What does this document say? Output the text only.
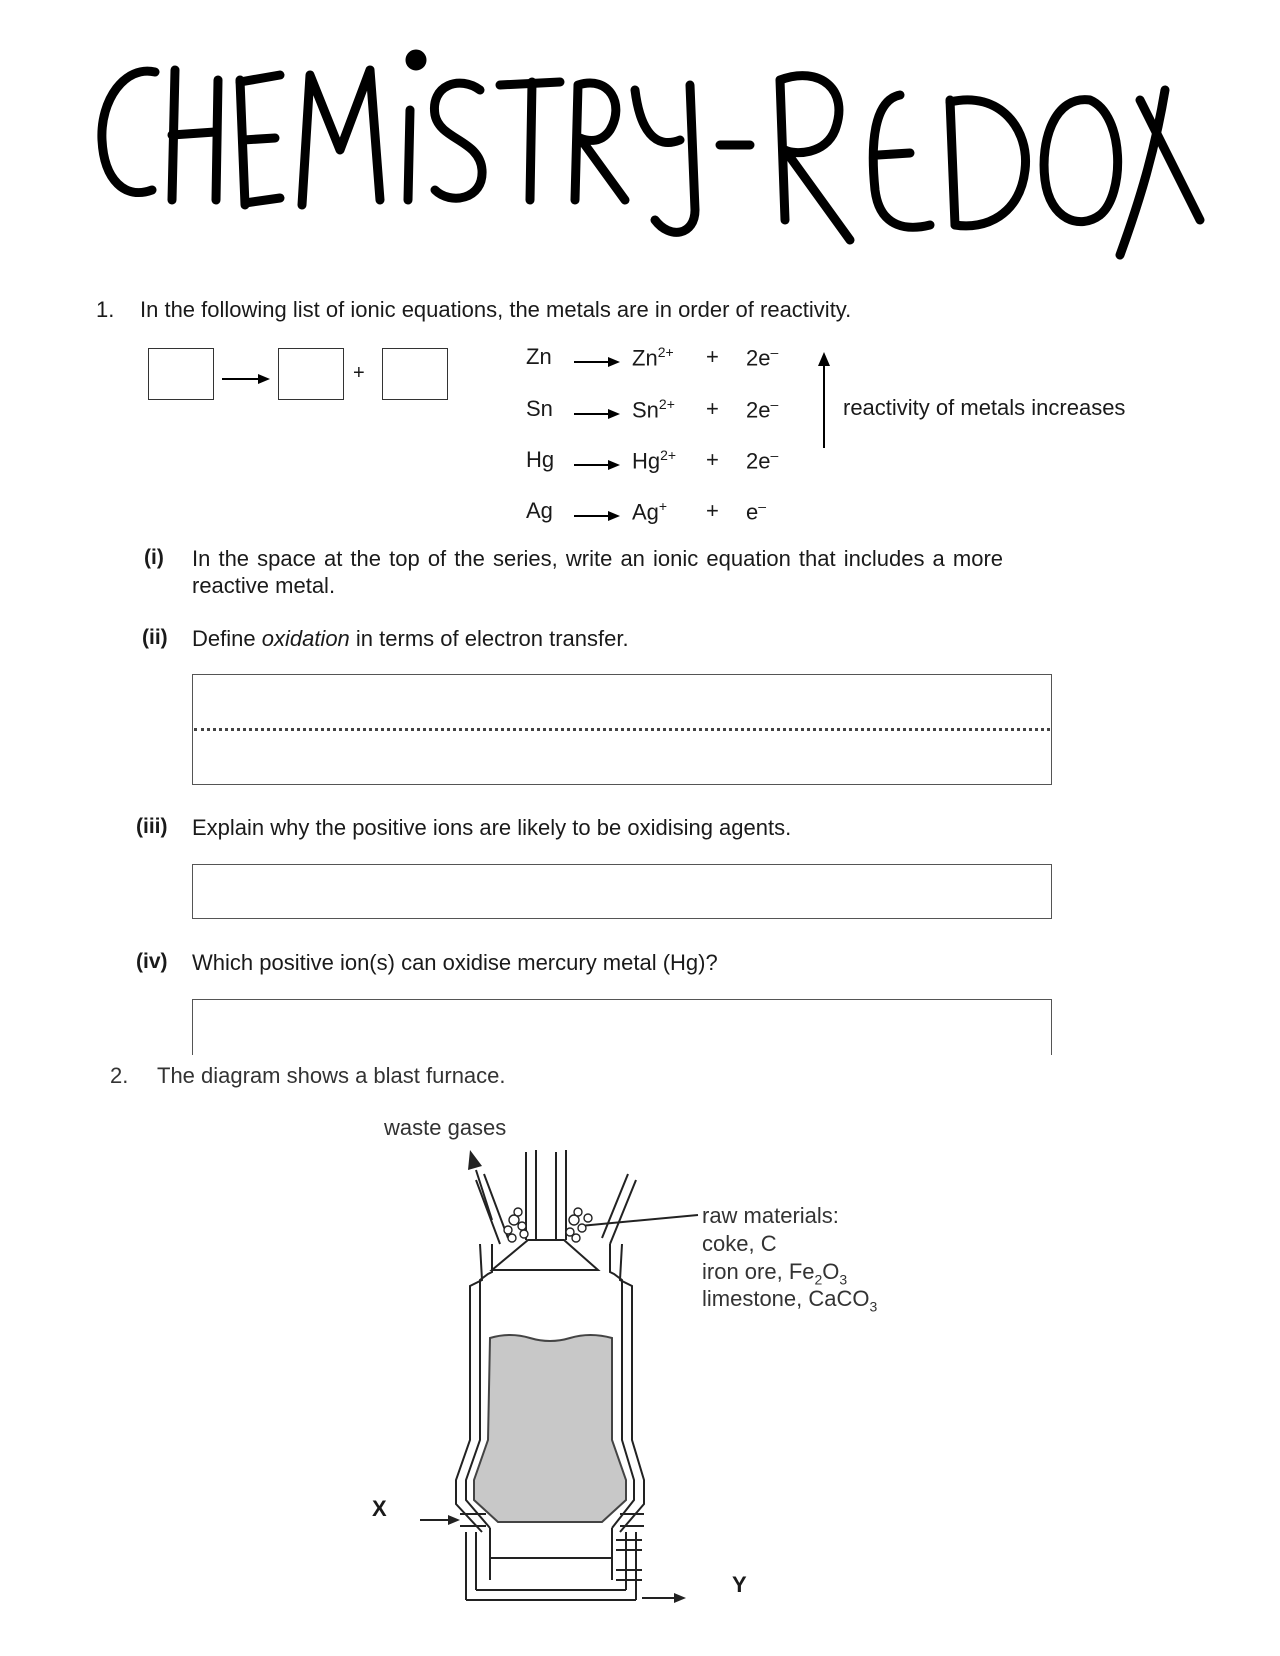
1. In the following list of ionic equations, the metals are in order of reactivity.
+
Zn	$Zn^{2+} + 2e^-$
Sn	$Sn^{2+} + 2e^-$
Hg	$Hg^{2+} + 2e^-$
Ag	Ag+ + e–
reactivity of metals increases
(i) In the space at the top of the series, write an ionic equation that includes a more
reactive metal.
(ii) Define oxidation in terms of electron transfer.
(iii) Explain why the positive ions are likely to be oxidising agents.
(iv) Which positive ion(s) can oxidise mercury metal (Hg)?
2. The diagram shows a blast furnace.
waste gases
raw materials:
coke, C
iron ore, $Fe_2O_3$
limestone, CaCO$_3$
X
Y
